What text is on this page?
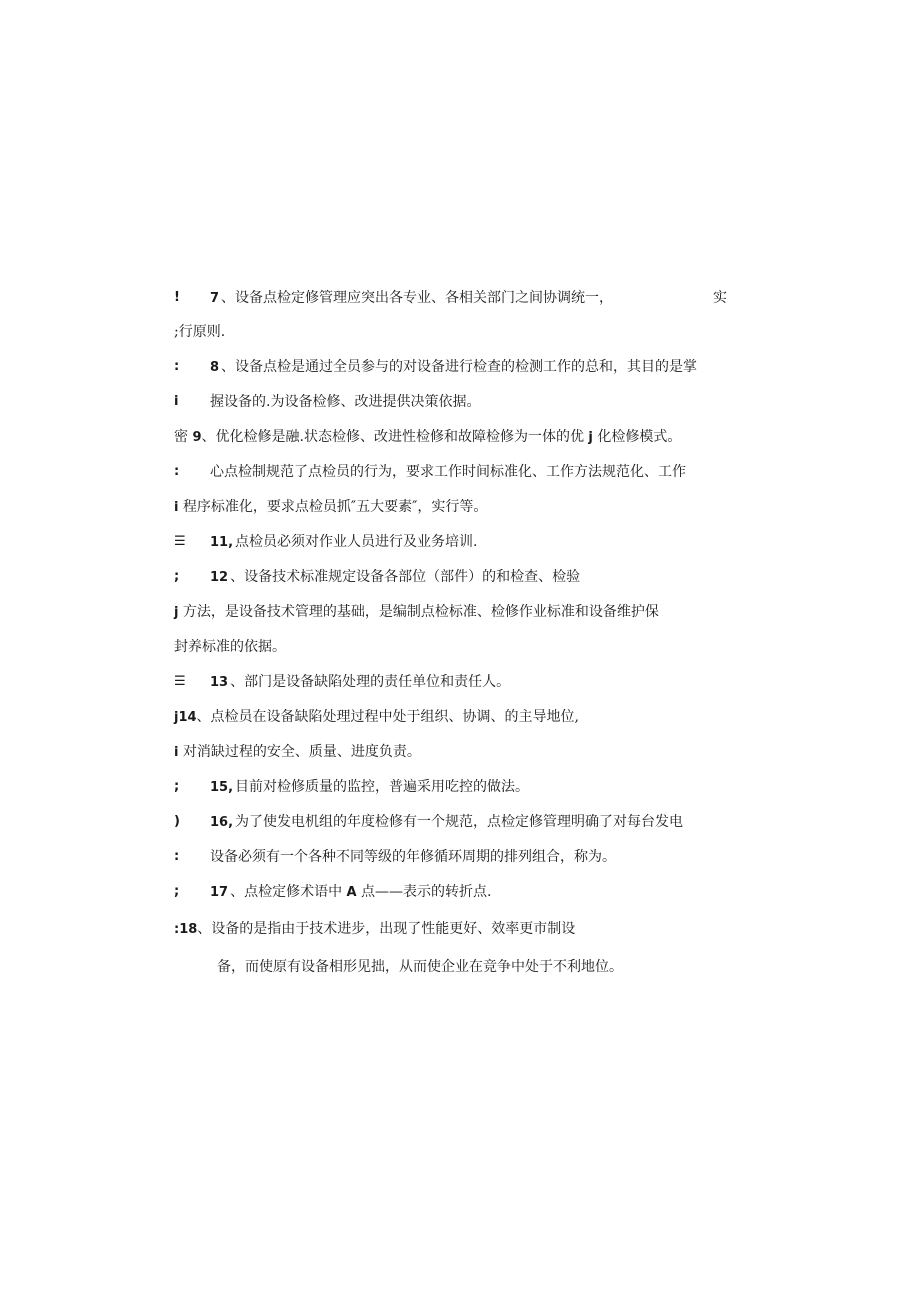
! 7 、设备点检定修管理应突出各专业、各相关部门之间协调统一，	实
;行原则.
: 8 、设备点检是通过全员参与的对设备进行检查的检测工作的总和，其目的是掌
i 握设备的.为设备检修、改进提供决策依据。
密 9、优化检修是融.状态检修、改进性检修和故障检修为一体的优 j 化检修模式。
: 心点检制规范了点检员的行为，要求工作时间标准化、工作方法规范化、工作
i 程序标准化，要求点检员抓″五大要素″，实行等。
☰ 11, 点检员必须对作业人员进行及业务培训.
; 12 、设备技术标准规定设备各部位（部件）的和检查、检验
j 方法，是设备技术管理的基础，是编制点检标准、检修作业标准和设备维护保
封养标准的依据。
☰ 13 、部门是设备缺陷处理的责任单位和责任人。
j14、点检员在设备缺陷处理过程中处于组织、协调、的主导地位,
i 对消缺过程的安全、质量、进度负责。
; 15, 目前对检修质量的监控，普遍采用吃控的做法。
) 16, 为了使发电机组的年度检修有一个规范，点检定修管理明确了对每台发电
: 设备必须有一个各种不同等级的年修循环周期的排列组合，称为。
; 17 、点检定修术语中 A 点——表示的转折点.
:18、设备的是指由于技术进步，出现了性能更好、效率更市制设
备，而使原有设备相形见拙，从而使企业在竞争中处于不利地位。
